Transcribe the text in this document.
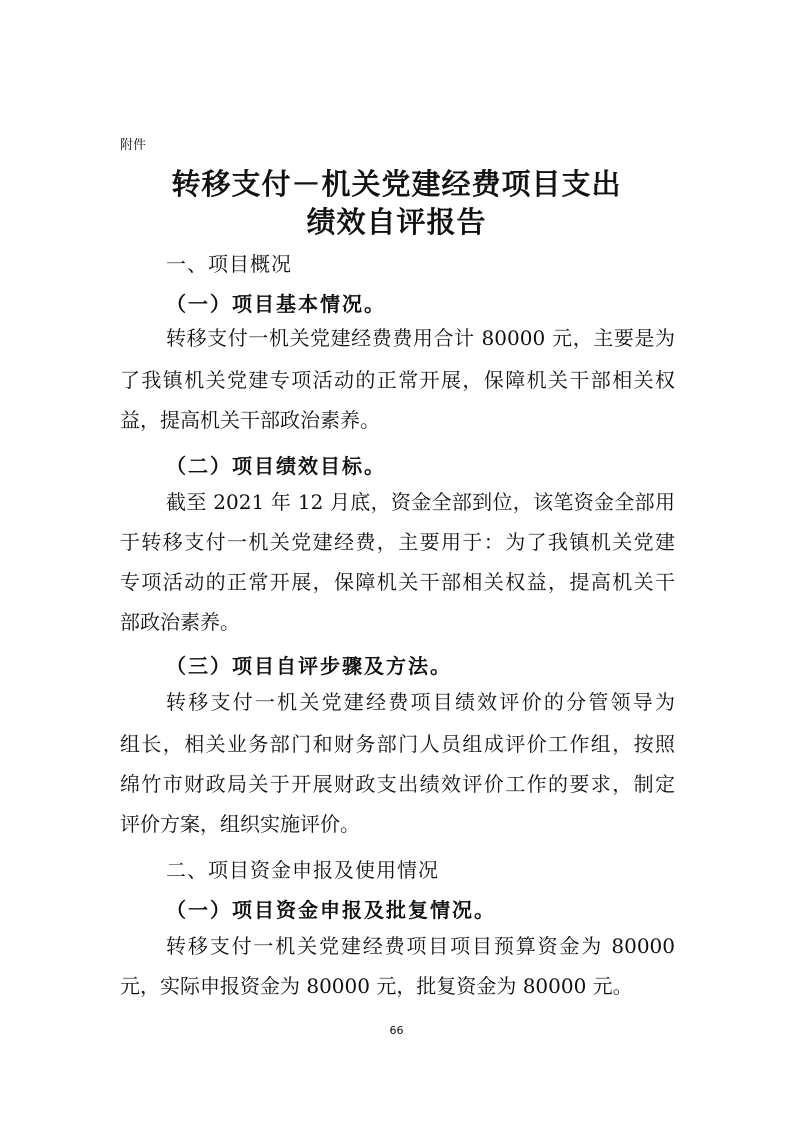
附件
转移支付－机关党建经费项目支出
绩效自评报告
一、项目概况
（一）项目基本情况。
转移支付一机关党建经费费用合计 80000 元，主要是为
了我镇机关党建专项活动的正常开展，保障机关干部相关权
益，提高机关干部政治素养。
（二）项目绩效目标。
截至 2021 年 12 月底，资金全部到位，该笔资金全部用
于转移支付一机关党建经费，主要用于：为了我镇机关党建
专项活动的正常开展，保障机关干部相关权益，提高机关干
部政治素养。
（三）项目自评步骤及方法。
转移支付一机关党建经费项目绩效评价的分管领导为
组长，相关业务部门和财务部门人员组成评价工作组，按照
绵竹市财政局关于开展财政支出绩效评价工作的要求，制定
评价方案，组织实施评价。
二、项目资金申报及使用情况
（一）项目资金申报及批复情况。
转移支付一机关党建经费项目项目预算资金为 80000
元，实际申报资金为 80000 元，批复资金为 80000 元。
66
